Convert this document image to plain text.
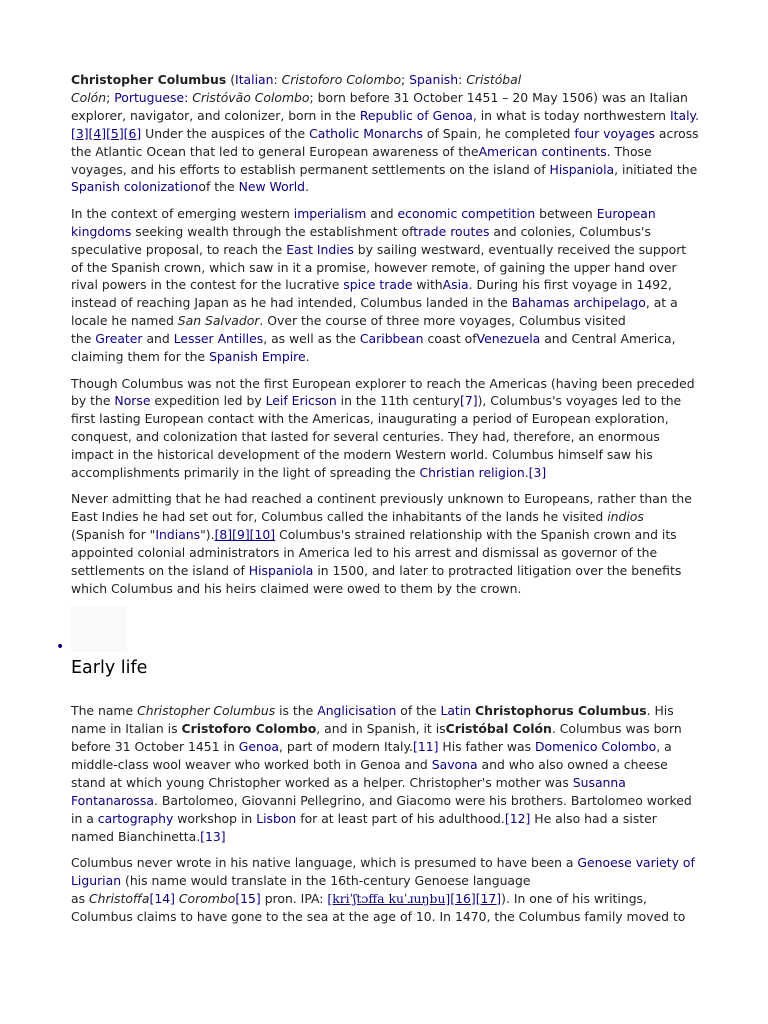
Christopher Columbus (Italian: Cristoforo Colombo; Spanish: Cristóbal
Colón; Portuguese: Cristóvão Colombo; born before 31 October 1451 – 20 May 1506) was an Italian explorer, navigator, and colonizer, born in the Republic of Genoa, in what is today northwestern Italy. [3][4][5][6] Under the auspices of the Catholic Monarchs of Spain, he completed four voyages across the Atlantic Ocean that led to general European awareness of theAmerican continents. Those voyages, and his efforts to establish permanent settlements on the island of Hispaniola, initiated the Spanish colonizationof the New World.

In the context of emerging western imperialism and economic competition between European kingdoms seeking wealth through the establishment oftrade routes and colonies, Columbus's speculative proposal, to reach the East Indies by sailing westward, eventually received the support of the Spanish crown, which saw in it a promise, however remote, of gaining the upper hand over rival powers in the contest for the lucrative spice trade withAsia. During his first voyage in 1492, instead of reaching Japan as he had intended, Columbus landed in the Bahamas archipelago, at a locale he named San Salvador. Over the course of three more voyages, Columbus visited
the Greater and Lesser Antilles, as well as the Caribbean coast ofVenezuela and Central America, claiming them for the Spanish Empire.

Though Columbus was not the first European explorer to reach the Americas (having been preceded by the Norse expedition led by Leif Ericson in the 11th century[7]), Columbus's voyages led to the first lasting European contact with the Americas, inaugurating a period of European exploration, conquest, and colonization that lasted for several centuries. They had, therefore, an enormous impact in the historical development of the modern Western world. Columbus himself saw his accomplishments primarily in the light of spreading the Christian religion.[3]

Never admitting that he had reached a continent previously unknown to Europeans, rather than the East Indies he had set out for, Columbus called the inhabitants of the lands he visited indios (Spanish for "Indians").[8][9][10] Columbus's strained relationship with the Spanish crown and its appointed colonial administrators in America led to his arrest and dismissal as governor of the settlements on the island of Hispaniola in 1500, and later to protracted litigation over the benefits which Columbus and his heirs claimed were owed to them by the crown.

•
Early life

The name Christopher Columbus is the Anglicisation of the Latin Christophorus Columbus. His name in Italian is Cristoforo Colombo, and in Spanish, it isCristóbal Colón. Columbus was born before 31 October 1451 in Genoa, part of modern Italy.[11] His father was Domenico Colombo, a middle-class wool weaver who worked both in Genoa and Savona and who also owned a cheese stand at which young Christopher worked as a helper. Christopher's mother was Susanna Fontanarossa. Bartolomeo, Giovanni Pellegrino, and Giacomo were his brothers. Bartolomeo worked in a cartography workshop in Lisbon for at least part of his adulthood.[12] He also had a sister named Bianchinetta.[13]

Columbus never wrote in his native language, which is presumed to have been a Genoese variety of Ligurian (his name would translate in the 16th-century Genoese language
as Christoffa[14] Corombo[15] pron. IPA: [kriˈʃtɔffa kuˈɹuŋbu][16][17]). In one of his writings, Columbus claims to have gone to the sea at the age of 10. In 1470, the Columbus family moved to
